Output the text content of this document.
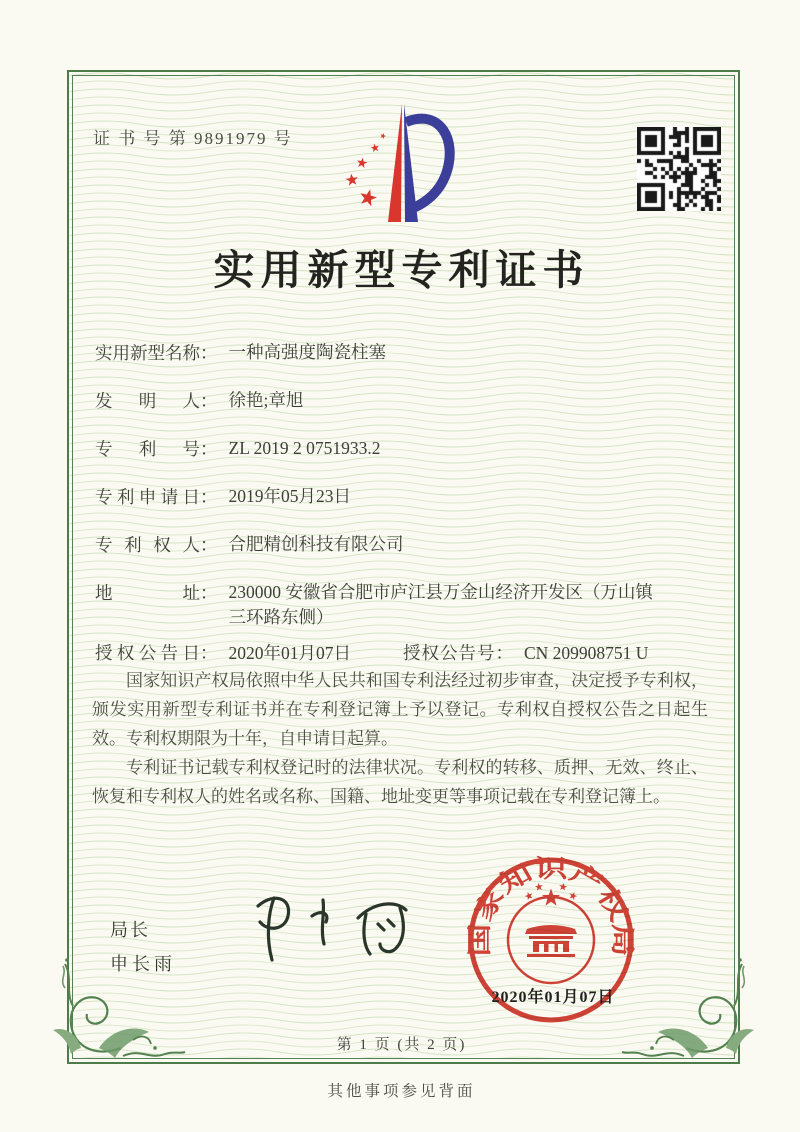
证 书 号 第 9891979 号
实用新型专利证书
实用新型名称 ： 一种高强度陶瓷柱塞
发明人 ： 徐艳;章旭
专利号 ： ZL 2019 2 0751933.2
专利申请日 ： 2019年05月23日
专利权人 ： 合肥精创科技有限公司
地址 ： 230000 安徽省合肥市庐江县万金山经济开发区（万山镇
三环路东侧）
授权公告日 ： 2020年01月07日	授权公告号 ： CN 209908751 U

国家知识产权局依照中华人民共和国专利法经过初步审查，决定授予专利权，颁发实用新型专利证书并在专利登记簿上予以登记。专利权自授权公告之日起生效。专利权期限为十年，自申请日起算。

专利证书记载专利权登记时的法律状况。专利权的转移、质押、无效、终止、恢复和专利权人的姓名或名称、国籍、地址变更等事项记载在专利登记簿上。

局长
申长雨
国家知识产权局
2020年01月07日
第 1 页 (共 2 页)
其他事项参见背面
